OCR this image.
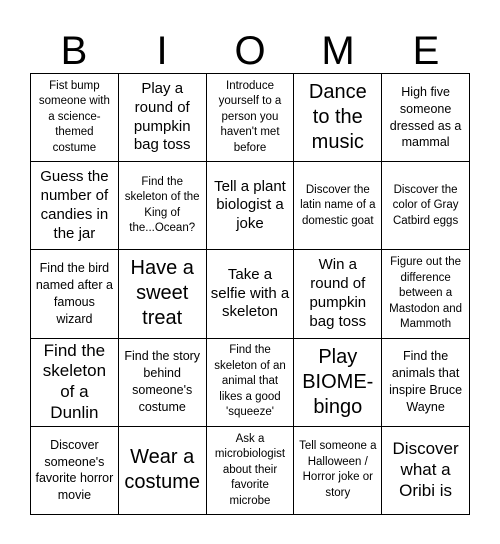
B	I	O	M	E
Fist bump someone with a science-themed costume
Play a round of pumpkin bag toss
Introduce yourself to a person you haven't met before
Dance to the music
High five someone dressed as a mammal
Guess the number of candies in the jar
Find the skeleton of the King of the...Ocean?
Tell a plant biologist a joke
Discover the latin name of a domestic goat
Discover the color of Gray Catbird eggs
Find the bird named after a famous wizard
Have a sweet treat
Take a selfie with a skeleton
Win a round of pumpkin bag toss
Figure out the difference between a Mastodon and Mammoth
Find the skeleton of a Dunlin
Find the story behind someone's costume
Find the skeleton of an animal that likes a good 'squeeze'
Play BIOME-bingo
Find the animals that inspire Bruce Wayne
Discover someone's favorite horror movie
Wear a costume
Ask a microbiologist about their favorite microbe
Tell someone a Halloween / Horror joke or story
Discover what a Oribi is
